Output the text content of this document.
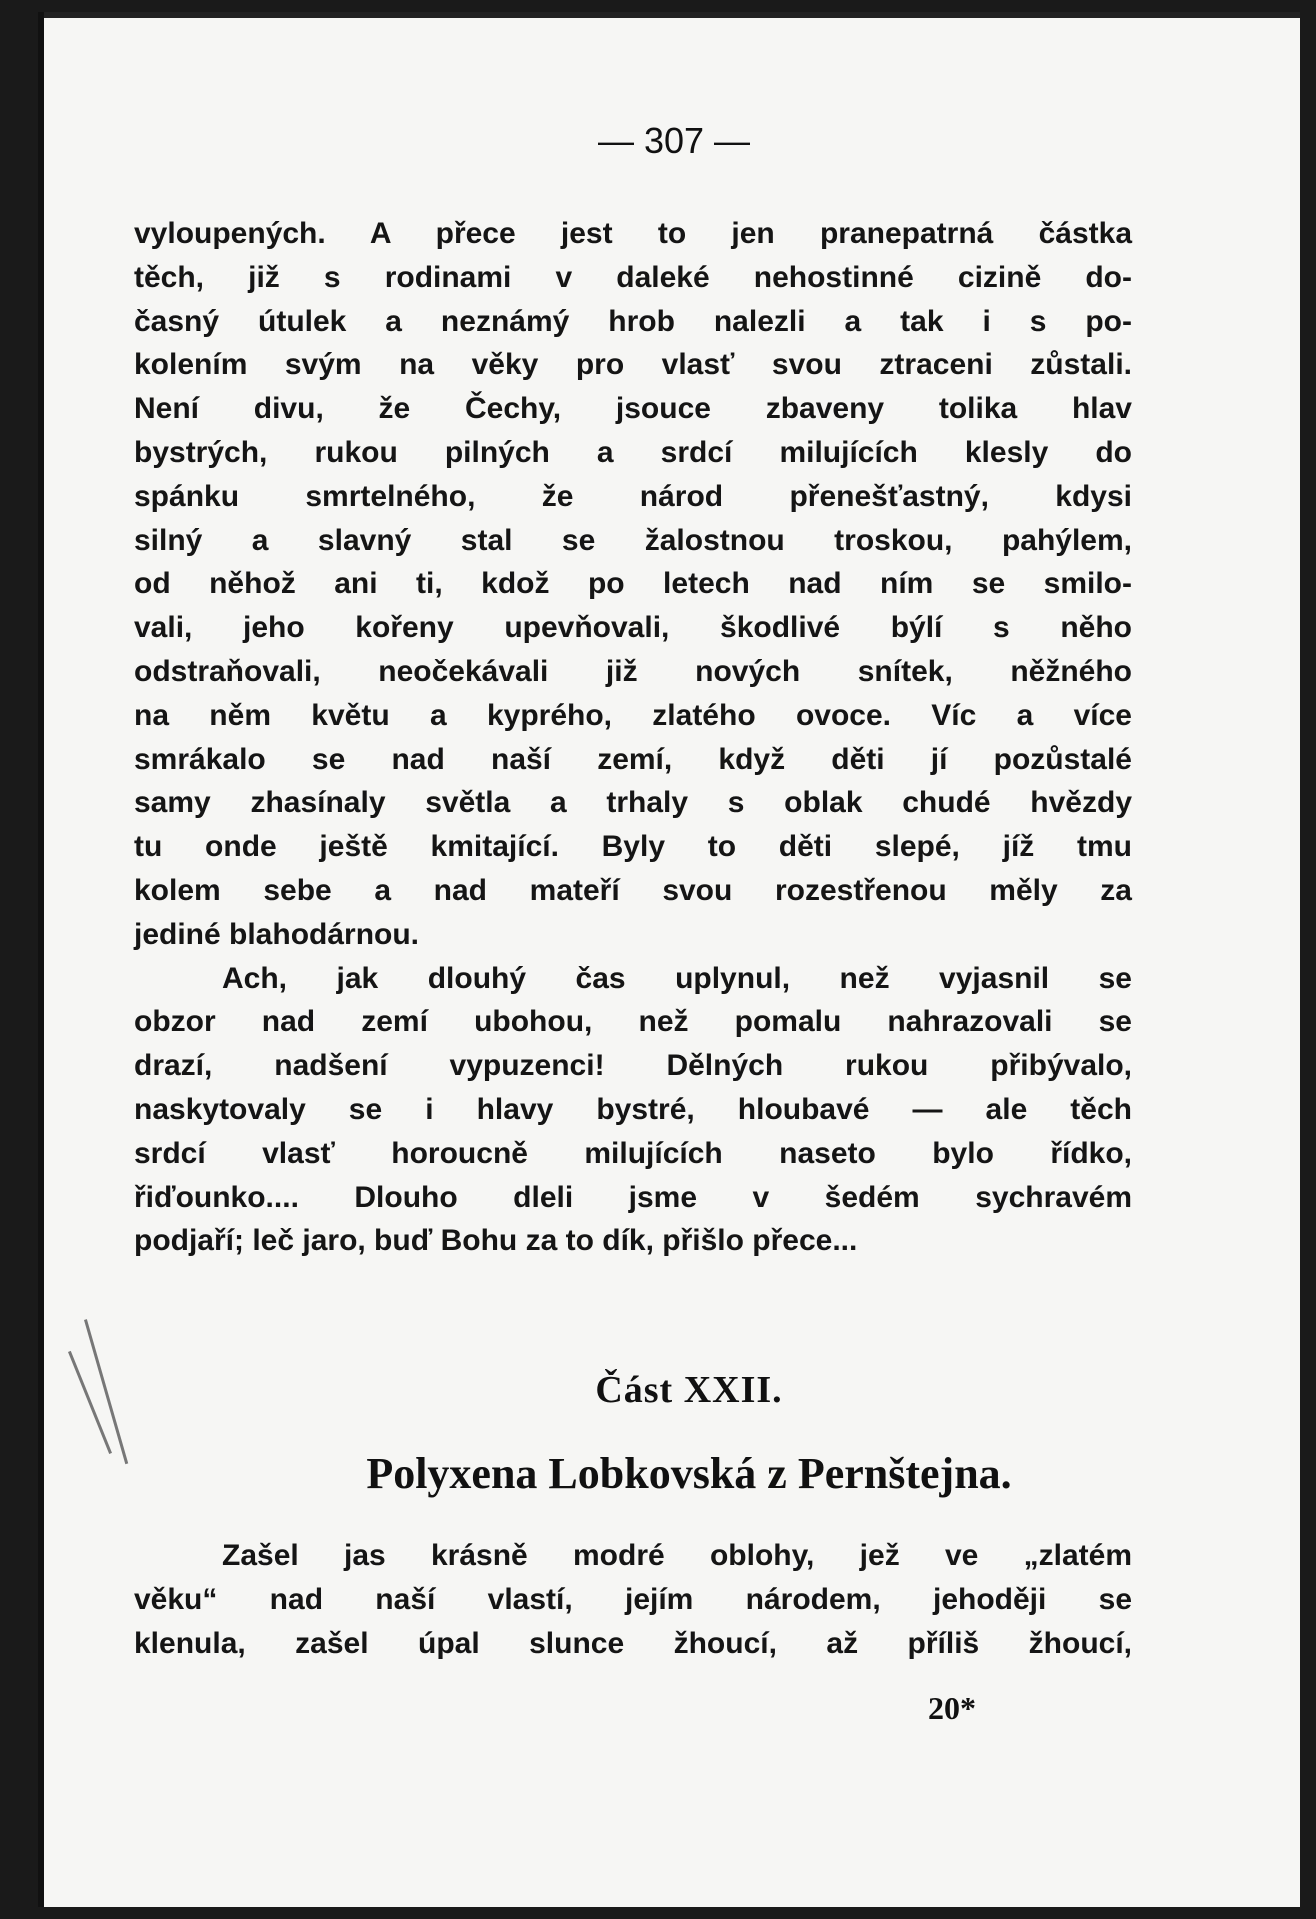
— 307 —
vyloupených. A přece jest to jen pranepatrná částka
těch, již s rodinami v daleké nehostinné cizině do-
časný útulek a neznámý hrob nalezli a tak i s po-
kolením svým na věky pro vlasť svou ztraceni zůstali.
Není divu, že Čechy, jsouce zbaveny tolika hlav
bystrých, rukou pilných a srdcí milujících klesly do
spánku smrtelného, že národ přenešťastný, kdysi
silný a slavný stal se žalostnou troskou, pahýlem,
od něhož ani ti, kdož po letech nad ním se smilo-
vali, jeho kořeny upevňovali, škodlivé býlí s něho
odstraňovali, neočekávali již nových snítek, něžného
na něm květu a kyprého, zlatého ovoce. Víc a více
smrákalo se nad naší zemí, když děti jí pozůstalé
samy zhasínaly světla a trhaly s oblak chudé hvězdy
tu onde ještě kmitající. Byly to děti slepé, jíž tmu
kolem sebe a nad mateří svou rozestřenou měly za
jediné blahodárnou.
Ach, jak dlouhý čas uplynul, než vyjasnil se
obzor nad zemí ubohou, než pomalu nahrazovali se
drazí, nadšení vypuzenci! Dělných rukou přibývalo,
naskytovaly se i hlavy bystré, hloubavé — ale těch
srdcí vlasť horoucně milujících naseto bylo řídko,
řiďounko.... Dlouho dleli jsme v šedém sychravém
podjaří; leč jaro, buď Bohu za to dík, přišlo přece...
Část XXII.
Polyxena Lobkovská z Pernštejna.
Zašel jas krásně modré oblohy, jež ve „zlatém
věku“ nad naší vlastí, jejím národem, jehoději se
klenula, zašel úpal slunce žhoucí, až příliš žhoucí,
20*
